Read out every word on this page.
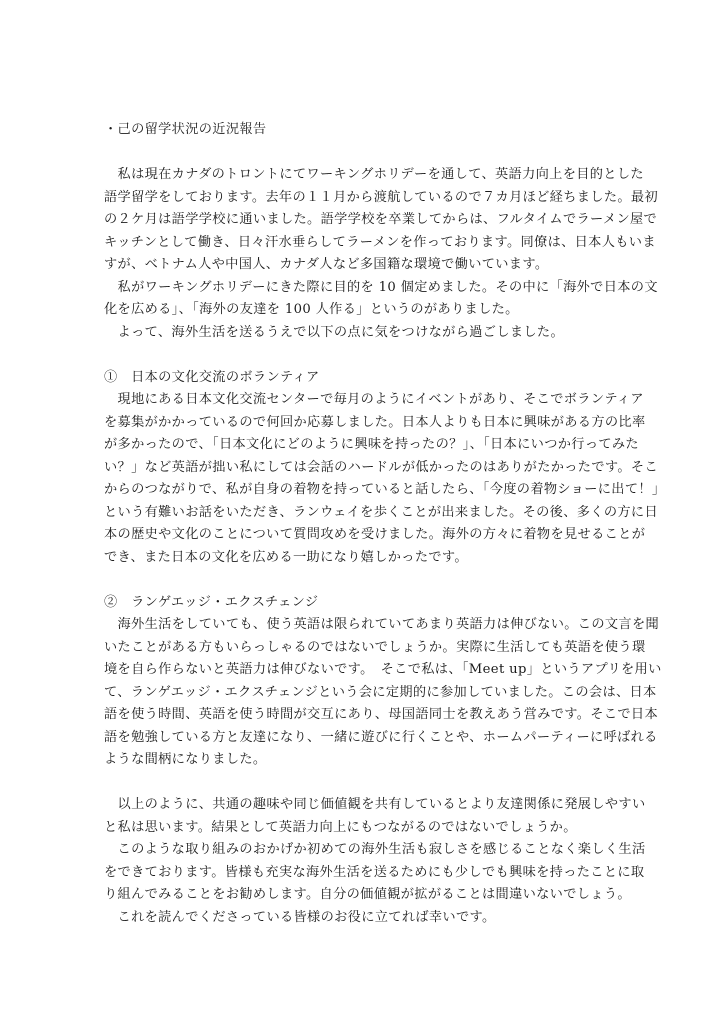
・己の留学状況の近況報告
　私は現在カナダのトロントにてワーキングホリデーを通して、英語力向上を目的とした
語学留学をしております。去年の１１月から渡航しているので７カ月ほど経ちました。最初
の２ケ月は語学学校に通いました。語学学校を卒業してからは、フルタイムでラーメン屋で
キッチンとして働き、日々汗水垂らしてラーメンを作っております。同僚は、日本人もいま
すが、ベトナム人や中国人、カナダ人など多国籍な環境で働いています。
　私がワーキングホリデーにきた際に目的を 10 個定めました。その中に「海外で日本の文
化を広める」、「海外の友達を 100 人作る」というのがありました。
　よって、海外生活を送るうえで以下の点に気をつけながら過ごしました。
①　日本の文化交流のボランティア
　現地にある日本文化交流センターで毎月のようにイベントがあり、そこでボランティア
を募集がかかっているので何回か応募しました。日本人よりも日本に興味がある方の比率
が多かったので、「日本文化にどのように興味を持ったの？」、「日本にいつか行ってみた
い？」など英語が拙い私にしては会話のハードルが低かったのはありがたかったです。そこ
からのつながりで、私が自身の着物を持っていると話したら、「今度の着物ショーに出て！」
という有難いお話をいただき、ランウェイを歩くことが出来ました。その後、多くの方に日
本の歴史や文化のことについて質問攻めを受けました。海外の方々に着物を見せることが
でき、また日本の文化を広める一助になり嬉しかったです。
②　ランゲエッジ・エクスチェンジ
　海外生活をしていても、使う英語は限られていてあまり英語力は伸びない。この文言を聞
いたことがある方もいらっしゃるのではないでしょうか。実際に生活しても英語を使う環
境を自ら作らないと英語力は伸びないです。　そこで私は、「Meet up」というアプリを用い
て、ランゲエッジ・エクスチェンジという会に定期的に参加していました。この会は、日本
語を使う時間、英語を使う時間が交互にあり、母国語同士を教えあう営みです。そこで日本
語を勉強している方と友達になり、一緒に遊びに行くことや、ホームパーティーに呼ばれる
ような間柄になりました。
　以上のように、共通の趣味や同じ価値観を共有しているとより友達関係に発展しやすい
と私は思います。結果として英語力向上にもつながるのではないでしょうか。
　このような取り組みのおかげか初めての海外生活も寂しさを感じることなく楽しく生活
をできております。皆様も充実な海外生活を送るためにも少しでも興味を持ったことに取
り組んでみることをお勧めします。自分の価値観が拡がることは間違いないでしょう。
　これを読んでくださっている皆様のお役に立てれば幸いです。
